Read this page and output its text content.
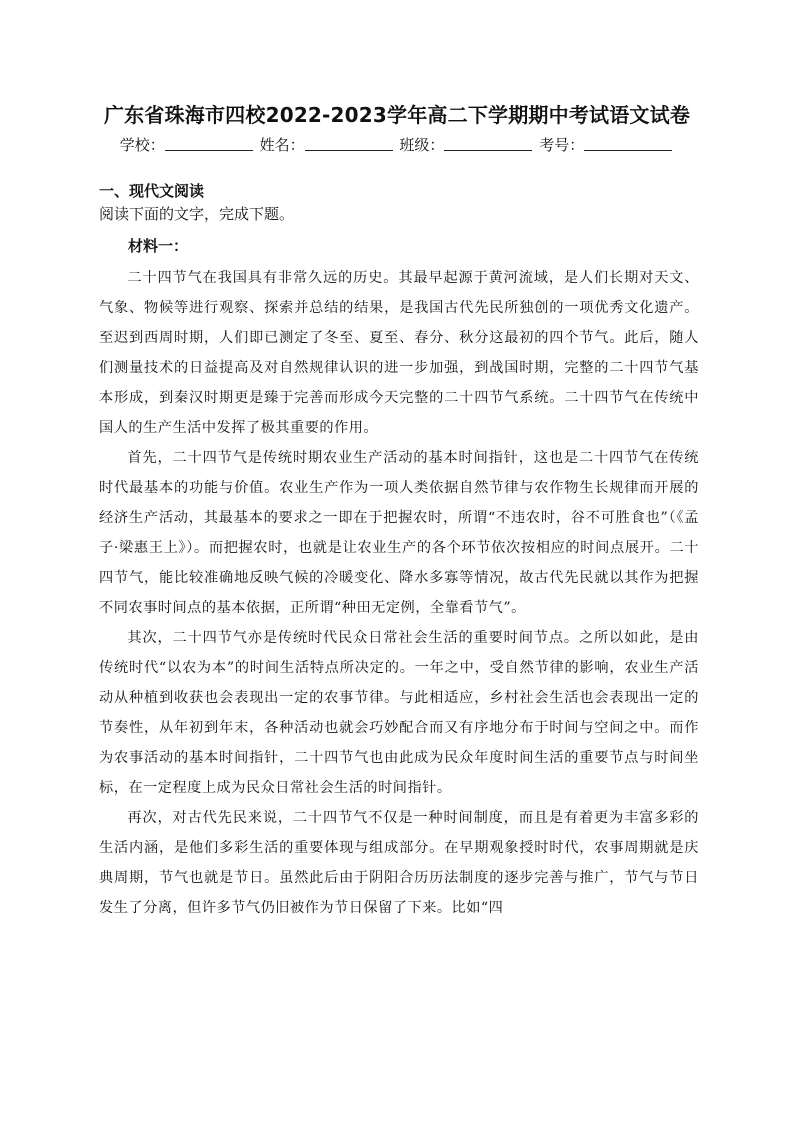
广东省珠海市四校2022-2023学年高二下学期期中考试语文试卷
学校：	姓名：	班级：	考号：
一、现代文阅读
阅读下面的文字，完成下题。
材料一：

二十四节气在我国具有非常久远的历史。其最早起源于黄河流域，是人们长期对天文、气象、物候等进行观察、探索并总结的结果，是我国古代先民所独创的一项优秀文化遗产。至迟到西周时期，人们即已测定了冬至、夏至、春分、秋分这最初的四个节气。此后，随人们测量技术的日益提高及对自然规律认识的进一步加强，到战国时期，完整的二十四节气基本形成，到秦汉时期更是臻于完善而形成今天完整的二十四节气系统。二十四节气在传统中国人的生产生活中发挥了极其重要的作用。

首先，二十四节气是传统时期农业生产活动的基本时间指针，这也是二十四节气在传统时代最基本的功能与价值。农业生产作为一项人类依据自然节律与农作物生长规律而开展的经济生产活动，其最基本的要求之一即在于把握农时，所谓“不违农时，谷不可胜食也”（《孟子·梁惠王上》）。而把握农时，也就是让农业生产的各个环节依次按相应的时间点展开。二十四节气，能比较准确地反映气候的冷暖变化、降水多寡等情况，故古代先民就以其作为把握不同农事时间点的基本依据，正所谓“种田无定例，全靠看节气”。

其次，二十四节气亦是传统时代民众日常社会生活的重要时间节点。之所以如此，是由传统时代“以农为本”的时间生活特点所决定的。一年之中，受自然节律的影响，农业生产活动从种植到收获也会表现出一定的农事节律。与此相适应，乡村社会生活也会表现出一定的节奏性，从年初到年末，各种活动也就会巧妙配合而又有序地分布于时间与空间之中。而作为农事活动的基本时间指针，二十四节气也由此成为民众年度时间生活的重要节点与时间坐标，在一定程度上成为民众日常社会生活的时间指针。

再次，对古代先民来说，二十四节气不仅是一种时间制度，而且是有着更为丰富多彩的生活内涵，是他们多彩生活的重要体现与组成部分。在早期观象授时时代，农事周期就是庆典周期，节气也就是节日。虽然此后由于阴阳合历历法制度的逐步完善与推广，节气与节日发生了分离，但许多节气仍旧被作为节日保留了下来。比如“四
